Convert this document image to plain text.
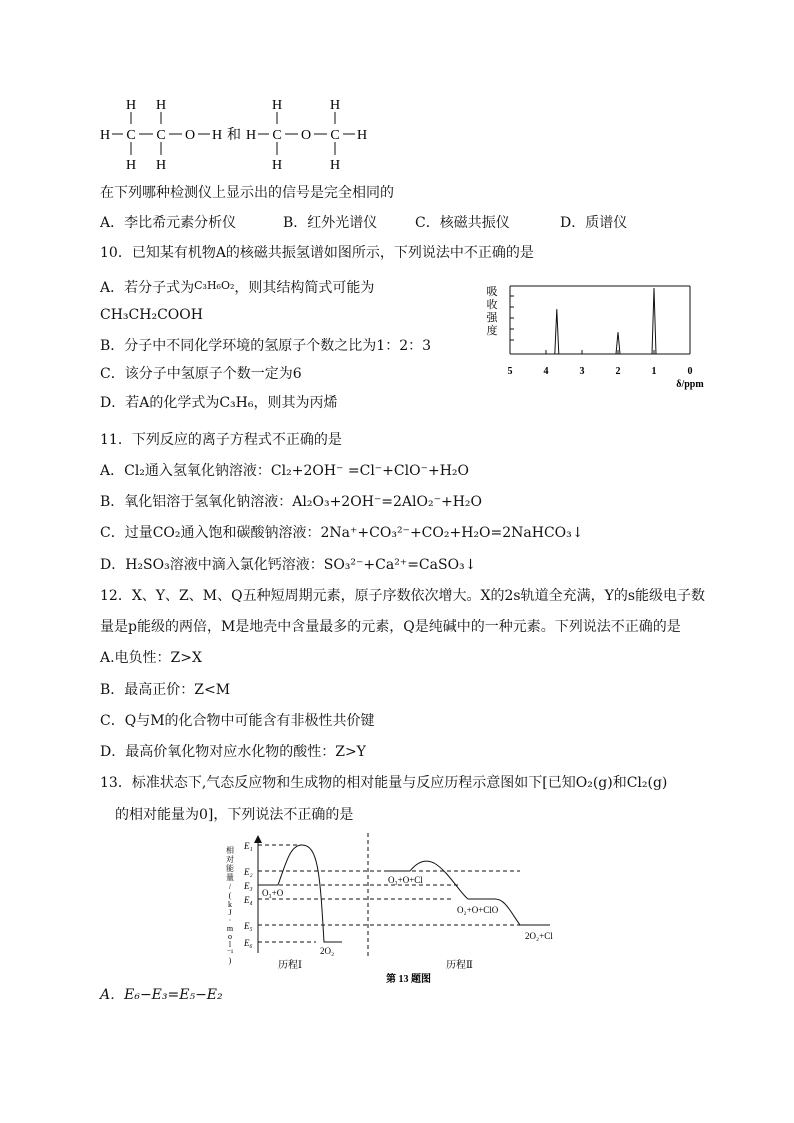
H C
H
H
C
H
H
O H 和 H C
H
H
O C
H
H
H
在下列哪种检测仪上显示出的信号是完全相同的
A．李比希元素分析仪	B．红外光谱仪	C．核磁共振仪	D．质谱仪
10．已知某有机物A的核磁共振氢谱如图所示，下列说法中不正确的是
A．若分子式为$^{C_3H_6O_2}$，则其结构简式可能为
CH₃CH₂COOH
B．分子中不同化学环境的氢原子个数之比为1：2：3
C．该分子中氢原子个数一定为6
D．若A的化学式为C₃H₆，则其为丙烯
吸
收
强
度
5	4	3	2	1	0
δ/ppm
11．下列反应的离子方程式不正确的是
A．Cl₂通入氢氧化钠溶液：Cl₂+2OH⁻ =Cl⁻+ClO⁻+H₂O
B．氧化铝溶于氢氧化钠溶液：Al₂O₃+2OH⁻=2AlO₂⁻+H₂O
C．过量CO₂通入饱和碳酸钠溶液：2Na⁺+CO₃²⁻+CO₂+H₂O=2NaHCO₃↓
D．H₂SO₃溶液中滴入氯化钙溶液：SO₃²⁻+Ca²⁺=CaSO₃↓
12．X、Y、Z、M、Q五种短周期元素，原子序数依次增大。X的2s轨道全充满，Y的s能级电子数
量是p能级的两倍，M是地壳中含量最多的元素，Q是纯碱中的一种元素。下列说法不正确的是
A.电负性：Z>X
B．最高正价：Z<M
C．Q与M的化合物中可能含有非极性共价键
D．最高价氧化物对应水化物的酸性：Z>Y
13．标准状态下,气态反应物和生成物的相对能量与反应历程示意图如下[已知O₂(g)和Cl₂(g)
的相对能量为0]，下列说法不正确的是
相
对
能
量
/
(
k
J
·
m
o
l
⁻¹
)
E₁
E₂
E₃
E₄
E₅
E₆
O₃+O
2O₂
O₃+O+Cl
O₂+O+ClO
2O₂+Cl
历程Ⅰ	历程Ⅱ
第 13 题图
A．E₆−E₃=E₅−E₂
